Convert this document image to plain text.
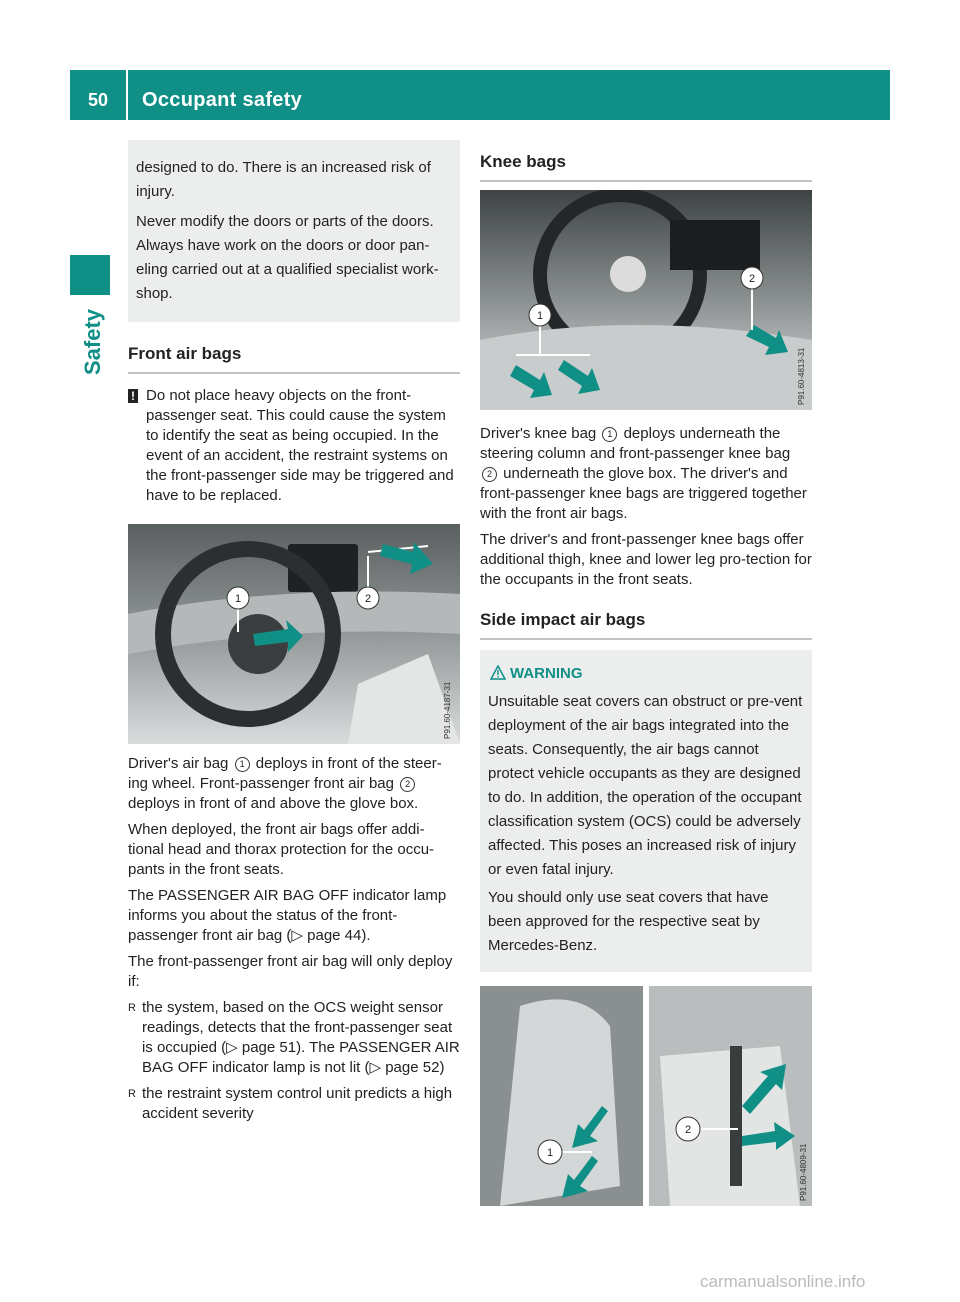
50	Occupant safety
Safety

designed to do. There is an increased risk of injury.

Never modify the doors or parts of the doors. Always have work on the doors or door pan-eling carried out at a qualified specialist work-shop.

Front air bags
! Do not place heavy objects on the front-passenger seat. This could cause the system to identify the seat as being occupied. In the event of an accident, the restraint systems on the front-passenger side may be triggered and have to be replaced.
1	2
P91.60-4187-31

Driver's air bag 1 deploys in front of the steer-ing wheel. Front-passenger front air bag 2 deploys in front of and above the glove box.

When deployed, the front air bags offer addi-tional head and thorax protection for the occu-pants in the front seats.

The PASSENGER AIR BAG OFF indicator lamp informs you about the status of the front-passenger front air bag (▷ page 44).

The front-passenger front air bag will only deploy if:

R the system, based on the OCS weight sensor readings, detects that the front-passenger seat is occupied (▷ page 51). The PASSENGER AIR BAG OFF indicator lamp is not lit (▷ page 52)
R the restraint system control unit predicts a high accident severity
Knee bags
1
2
P91.60-4813-31

Driver's knee bag 1 deploys underneath the steering column and front-passenger knee bag 2 underneath the glove box. The driver's and front-passenger knee bags are triggered together with the front air bags.

The driver's and front-passenger knee bags offer additional thigh, knee and lower leg pro-tection for the occupants in the front seats.

Side impact air bags
WARNING

Unsuitable seat covers can obstruct or pre-vent deployment of the air bags integrated into the seats. Consequently, the air bags cannot protect vehicle occupants as they are designed to do. In addition, the operation of the occupant classification system (OCS) could be adversely affected. This poses an increased risk of injury or even fatal injury.

You should only use seat covers that have been approved for the respective seat by Mercedes-Benz.

1
2
P91.60-4809-31
carmanualsonline.info
